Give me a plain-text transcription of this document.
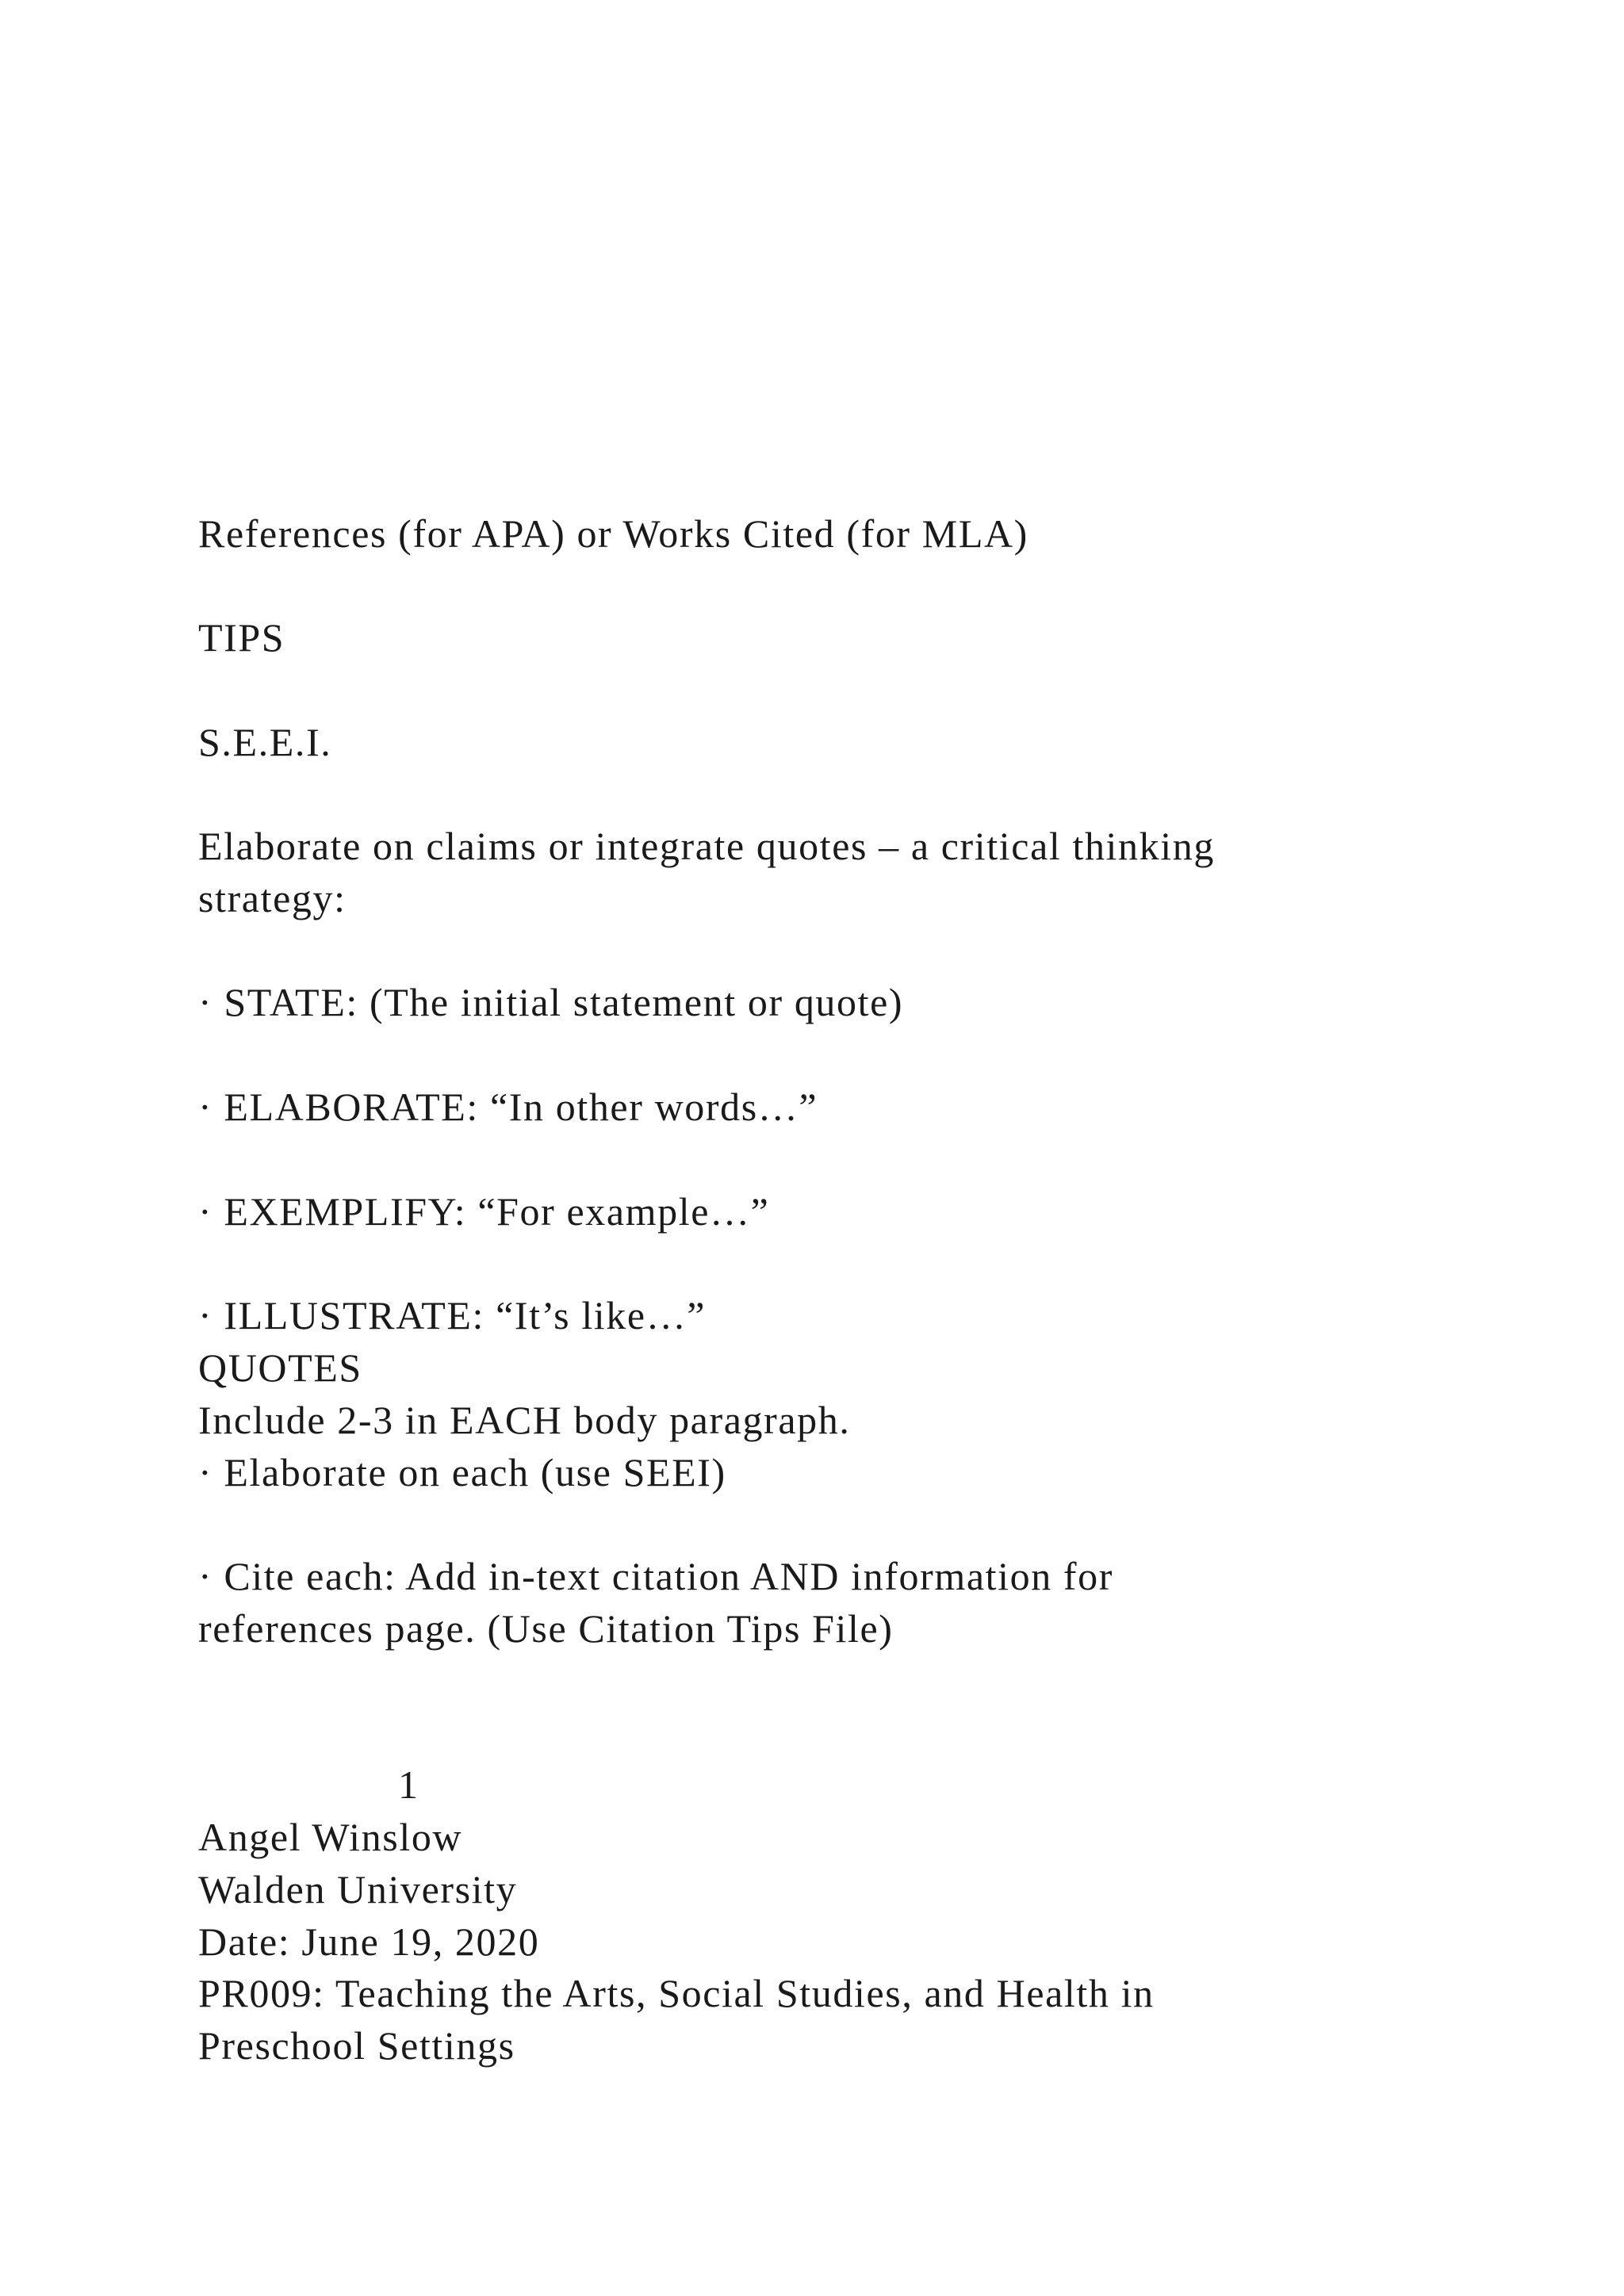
References (for APA) or Works Cited (for MLA)
TIPS
S.E.E.I.
Elaborate on claims or integrate quotes – a critical thinking
strategy:
· STATE: (The initial statement or quote)
· ELABORATE: “In other words…”
· EXEMPLIFY: “For example…”
· ILLUSTRATE: “It’s like…”
QUOTES
Include 2-3 in EACH body paragraph.
· Elaborate on each (use SEEI)
· Cite each: Add in-text citation AND information for
references page. (Use Citation Tips File)
1
Angel Winslow
Walden University
Date: June 19, 2020
PR009: Teaching the Arts, Social Studies, and Health in
Preschool Settings
